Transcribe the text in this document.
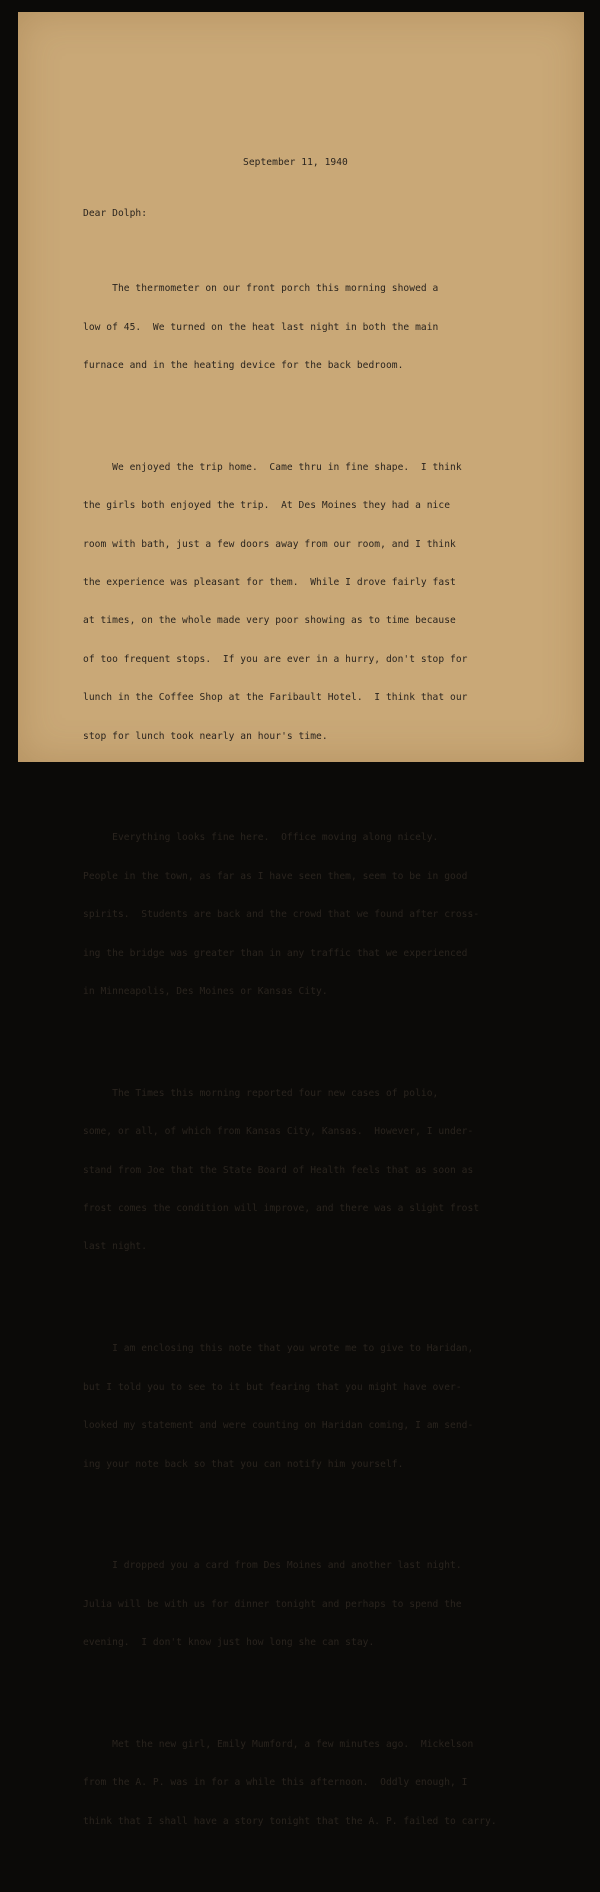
September 11, 1940
Dear Dolph:

The thermometer on our front porch this morning showed a

low of 45.  We turned on the heat last night in both the main

furnace and in the heating device for the back bedroom.

We enjoyed the trip home.  Came thru in fine shape.  I think

the girls both enjoyed the trip.  At Des Moines they had a nice

room with bath, just a few doors away from our room, and I think

the experience was pleasant for them.  While I drove fairly fast

at times, on the whole made very poor showing as to time because

of too frequent stops.  If you are ever in a hurry, don't stop for

lunch in the Coffee Shop at the Faribault Hotel.  I think that our

stop for lunch took nearly an hour's time.

Everything looks fine here.  Office moving along nicely.

People in the town, as far as I have seen them, seem to be in good

spirits.  Students are back and the crowd that we found after cross-

ing the bridge was greater than in any traffic that we experienced

in Minneapolis, Des Moines or Kansas City.

The Times this morning reported four new cases of polio,

some, or all, of which from Kansas City, Kansas.  However, I under-

stand from Joe that the State Board of Health feels that as soon as

frost comes the condition will improve, and there was a slight frost

last night.

I am enclosing this note that you wrote me to give to Haridan,

but I told you to see to it but fearing that you might have over-

looked my statement and were counting on Haridan coming, I am send-

ing your note back so that you can notify him yourself.

I dropped you a card from Des Moines and another last night.

Julia will be with us for dinner tonight and perhaps to spend the

evening.  I don't know just how long she can stay.

Met the new girl, Emily Mumford, a few minutes ago.  Mickelson

from the A. P. was in for a while this afternoon.  Oddly enough, I

think that I shall have a story tonight that the A. P. failed to carry.
